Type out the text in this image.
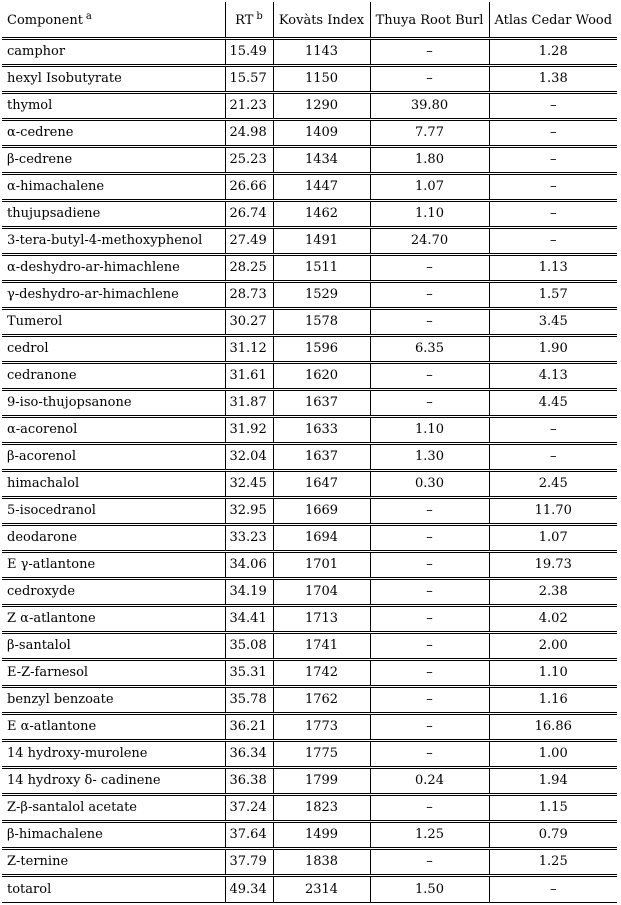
Component $^a$	RT $^b$	Kovàts Index	Thuya Root Burl	Atlas Cedar Wood
camphor	15.49	1143	–	1.28
hexyl Isobutyrate	15.57	1150	–	1.38
thymol	21.23	1290	39.80	–
α-cedrene	24.98	1409	7.77	–
β-cedrene	25.23	1434	1.80	–
α-himachalene	26.66	1447	1.07	–
thujupsadiene	26.74	1462	1.10	–
3-tera-butyl-4-methoxyphenol	27.49	1491	24.70	–
α-deshydro-ar-himachlene	28.25	1511	–	1.13
γ-deshydro-ar-himachlene	28.73	1529	–	1.57
Tumerol	30.27	1578	–	3.45
cedrol	31.12	1596	6.35	1.90
cedranone	31.61	1620	–	4.13
9-iso-thujopsanone	31.87	1637	–	4.45
α-acorenol	31.92	1633	1.10	–
β-acorenol	32.04	1637	1.30	–
himachalol	32.45	1647	0.30	2.45
5-isocedranol	32.95	1669	–	11.70
deodarone	33.23	1694	–	1.07
E γ-atlantone	34.06	1701	–	19.73
cedroxyde	34.19	1704	–	2.38
Z α-atlantone	34.41	1713	–	4.02
β-santalol	35.08	1741	–	2.00
E-Z-farnesol	35.31	1742	–	1.10
benzyl benzoate	35.78	1762	–	1.16
E α-atlantone	36.21	1773	–	16.86
14 hydroxy-murolene	36.34	1775	–	1.00
14 hydroxy δ- cadinene	36.38	1799	0.24	1.94
Z-β-santalol acetate	37.24	1823	–	1.15
β-himachalene	37.64	1499	1.25	0.79
Z-ternine	37.79	1838	–	1.25
totarol	49.34	2314	1.50	–
